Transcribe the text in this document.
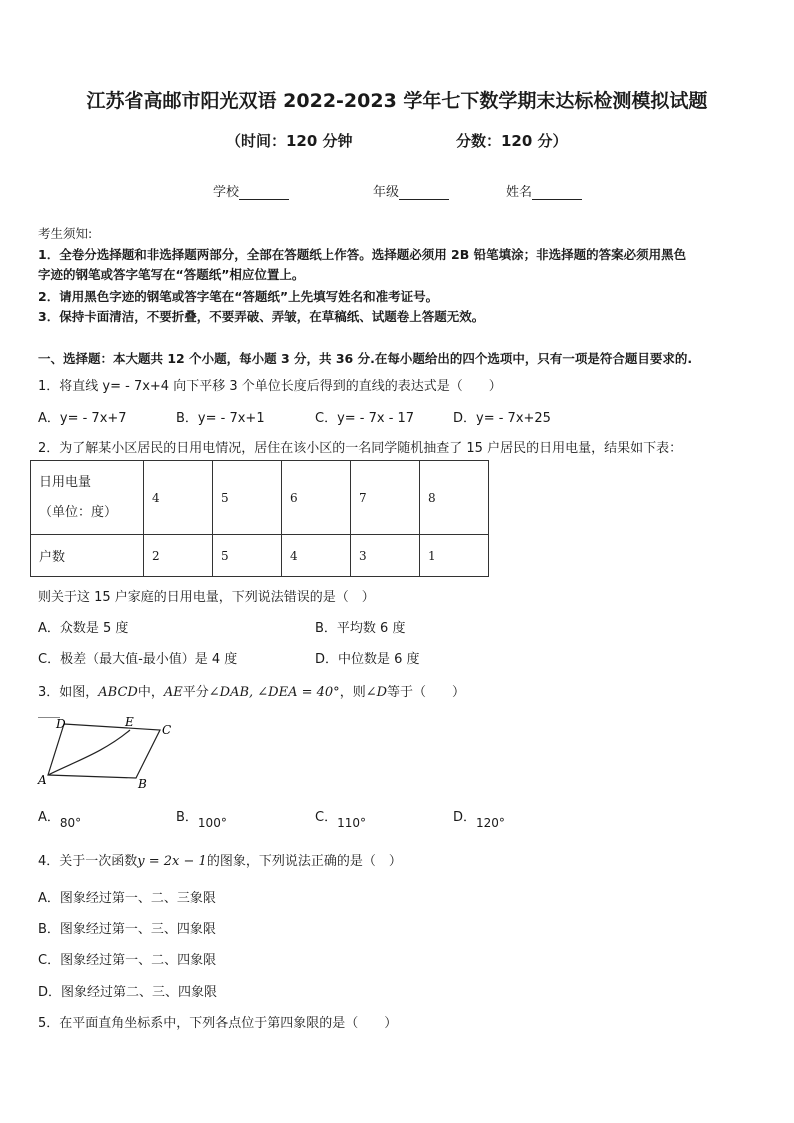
江苏省高邮市阳光双语 2022-2023 学年七下数学期末达标检测模拟试题
（时间：120 分钟	分数：120 分）
学校	年级	姓名
考生须知:
1．全卷分选择题和非选择题两部分，全部在答题纸上作答。选择题必须用 2B 铅笔填涂；非选择题的答案必须用黑色
字迹的钢笔或答字笔写在“答题纸”相应位置上。
2．请用黑色字迹的钢笔或答字笔在“答题纸”上先填写姓名和准考证号。
3．保持卡面清洁，不要折叠，不要弄破、弄皱，在草稿纸、试题卷上答题无效。
一、选择题：本大题共 12 个小题，每小题 3 分，共 36 分.在每小题给出的四个选项中，只有一项是符合题目要求的.
1．将直线 y= - 7x+4 向下平移 3 个单位长度后得到的直线的表达式是（　　）
A．y= - 7x+7	B．y= - 7x+1	C．y= - 7x - 17	D．y= - 7x+25
2．为了解某小区居民的日用电情况，居住在该小区的一名同学随机抽查了 15 户居民的日用电量，结果如下表：
日用电量
（单位：度）	4	5	6	7	8
户数	2	5	4	3	1
则关于这 15 户家庭的日用电量，下列说法错误的是（　）
A．众数是 5 度	B．平均数 6 度
C．极差（最大值-最小值）是 4 度	D．中位数是 6 度
3．如图，ABCD中，AE平分∠DAB, ∠DEA = 40°，则∠D等于（　　）
D	E
C
A	B
A．80°	B．100°	C．110°	D．120°
4．关于一次函数y = 2x − 1的图象，下列说法正确的是（　）
A．图象经过第一、二、三象限
B．图象经过第一、三、四象限
C．图象经过第一、二、四象限
D．图象经过第二、三、四象限
5．在平面直角坐标系中，下列各点位于第四象限的是（　　）
